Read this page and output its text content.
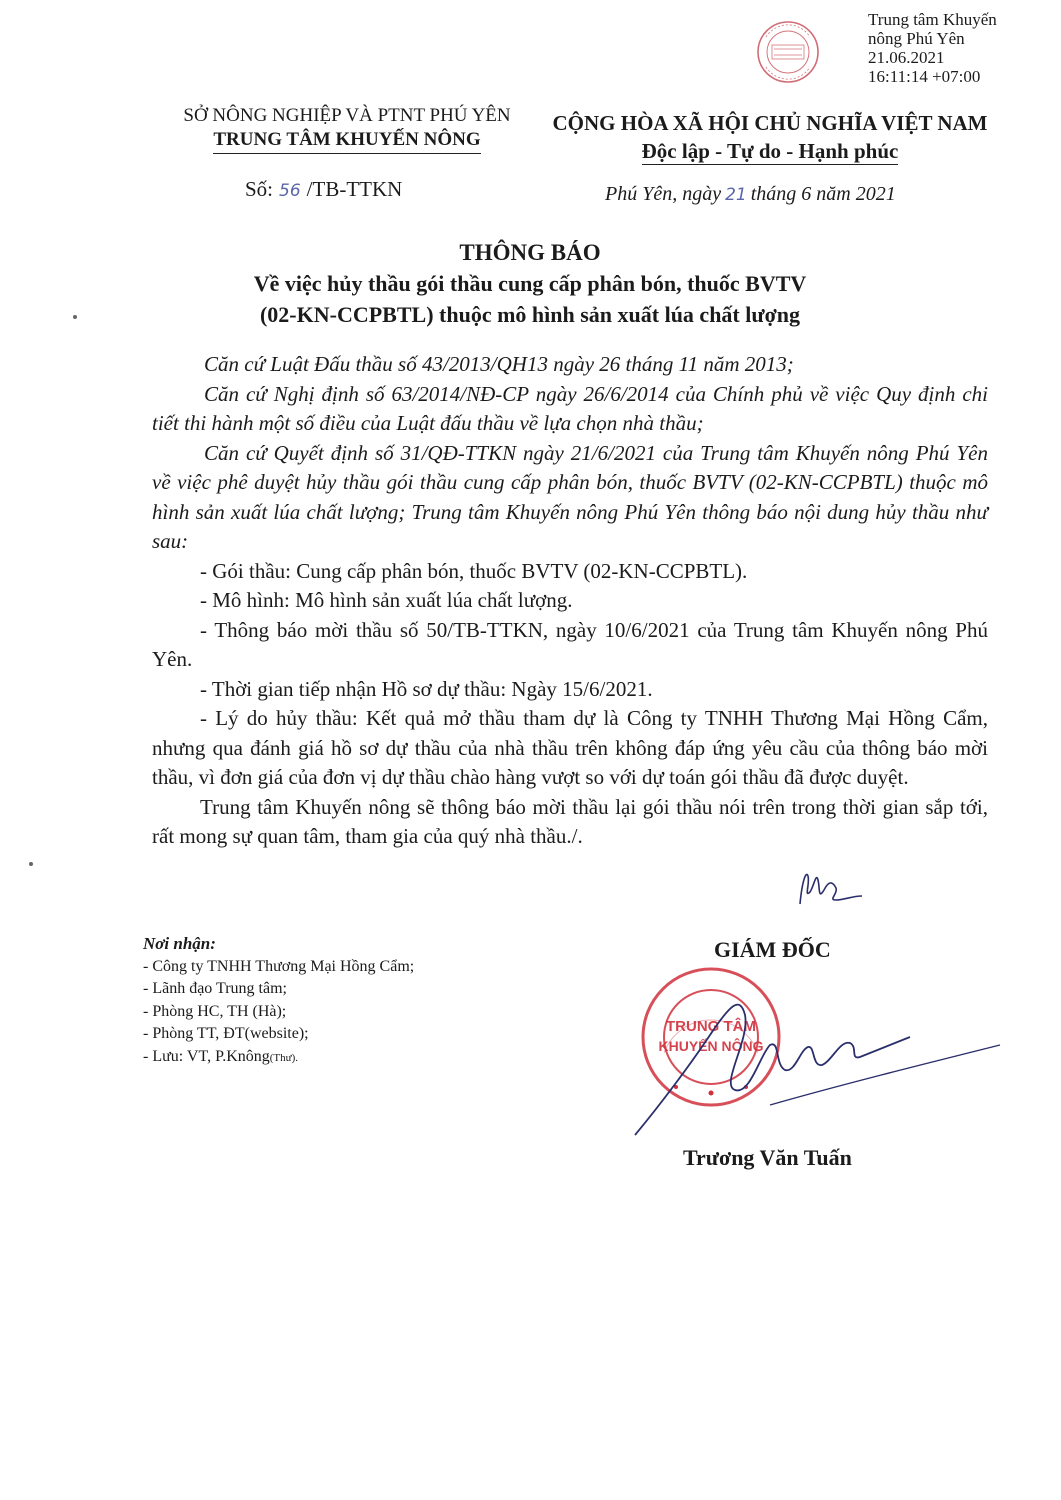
Trung tâm Khuyến
nông Phú Yên
21.06.2021
16:11:14 +07:00
SỞ NÔNG NGHIỆP VÀ PTNT PHÚ YÊN
TRUNG TÂM KHUYẾN NÔNG
CỘNG HÒA XÃ HỘI CHỦ NGHĨA VIỆT NAM
Độc lập - Tự do - Hạnh phúc
Số: 56 /TB-TTKN	Phú Yên, ngày 21 tháng 6 năm 2021
THÔNG BÁO
Về việc hủy thầu gói thầu cung cấp phân bón, thuốc BVTV
(02-KN-CCPBTL) thuộc mô hình sản xuất lúa chất lượng

Căn cứ Luật Đấu thầu số 43/2013/QH13 ngày 26 tháng 11 năm 2013;

Căn cứ Nghị định số 63/2014/NĐ-CP ngày 26/6/2014 của Chính phủ về việc Quy định chi tiết thi hành một số điều của Luật đấu thầu về lựa chọn nhà thầu;

Căn cứ Quyết định số 31/QĐ-TTKN ngày 21/6/2021 của Trung tâm Khuyến nông Phú Yên về việc phê duyệt hủy thầu gói thầu cung cấp phân bón, thuốc BVTV (02-KN-CCPBTL) thuộc mô hình sản xuất lúa chất lượng; Trung tâm Khuyến nông Phú Yên thông báo nội dung hủy thầu như sau:

- Gói thầu: Cung cấp phân bón, thuốc BVTV (02-KN-CCPBTL).

- Mô hình: Mô hình sản xuất lúa chất lượng.

- Thông báo mời thầu số 50/TB-TTKN, ngày 10/6/2021 của Trung tâm Khuyến nông Phú Yên.

- Thời gian tiếp nhận Hồ sơ dự thầu: Ngày 15/6/2021.

- Lý do hủy thầu: Kết quả mở thầu tham dự là Công ty TNHH Thương Mại Hồng Cẩm, nhưng qua đánh giá hồ sơ dự thầu của nhà thầu trên không đáp ứng yêu cầu của thông báo mời thầu, vì đơn giá của đơn vị dự thầu chào hàng vượt so với dự toán gói thầu đã được duyệt.

Trung tâm Khuyến nông sẽ thông báo mời thầu lại gói thầu nói trên trong thời gian sắp tới, rất mong sự quan tâm, tham gia của quý nhà thầu./.

Nơi nhận:
- Công ty TNHH Thương Mại Hồng Cẩm;
- Lãnh đạo Trung tâm;
- Phòng HC, TH (Hà);
- Phòng TT, ĐT(website);
- Lưu: VT, P.Knông(Thư).
GIÁM ĐỐC
TRUNG TÂM
KHUYẾN NÔNG
Trương Văn Tuấn
